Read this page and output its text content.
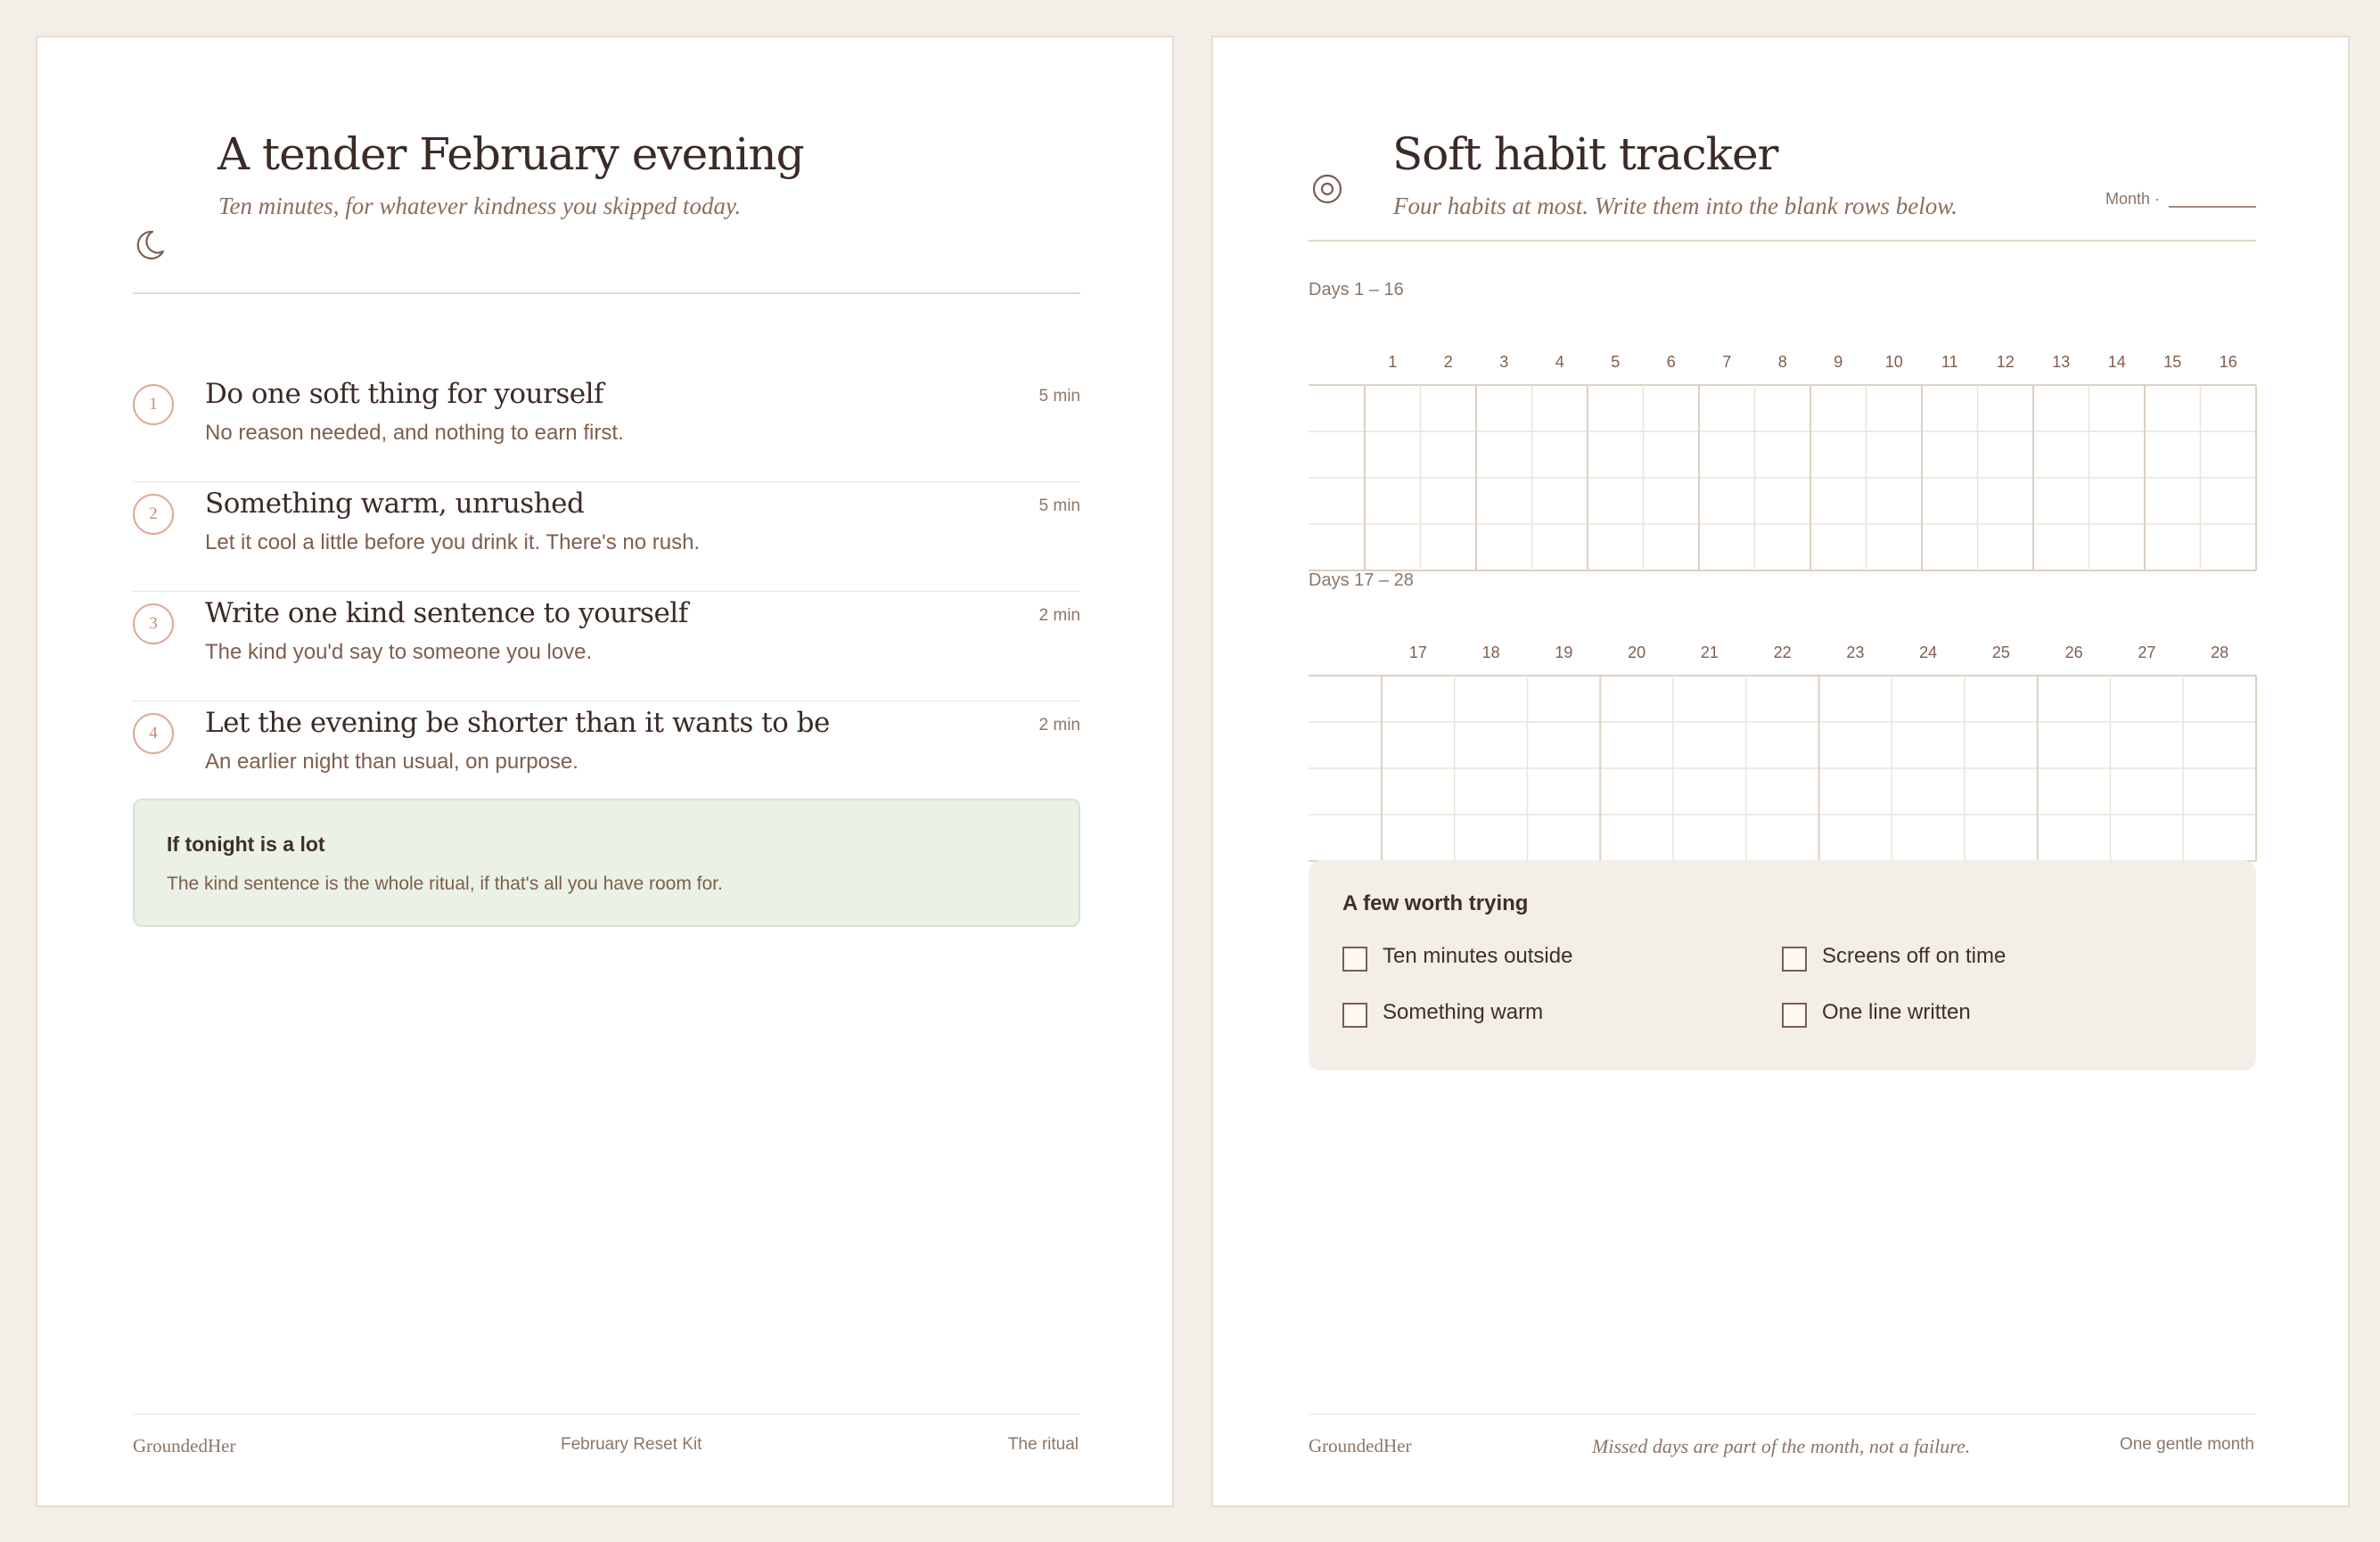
A tender February evening
Ten minutes, for whatever kindness you skipped today.
1	Do one soft thing for yourself
No reason needed, and nothing to earn first.
5 min
2	Something warm, unrushed
Let it cool a little before you drink it. There's no rush.
5 min
3	Write one kind sentence to yourself
The kind you'd say to someone you love.
2 min
4	Let the evening be shorter than it wants to be
An earlier night than usual, on purpose.
2 min
If tonight is a lot
The kind sentence is the whole ritual, if that's all you have room for.
GroundedHer	February Reset Kit	The ritual
Soft habit tracker
Four habits at most. Write them into the blank rows below.	Month ·
Days 1 – 16
1	2	3	4	5	6	7	8	9	10 11 12 13 14 15 16
Days 17 – 28
17	18	19	20	21	22	23	24	25	26	27	28
A few worth trying
Ten minutes outside	Screens off on time
Something warm	One line written
GroundedHer	Missed days are part of the month, not a failure.	One gentle month
